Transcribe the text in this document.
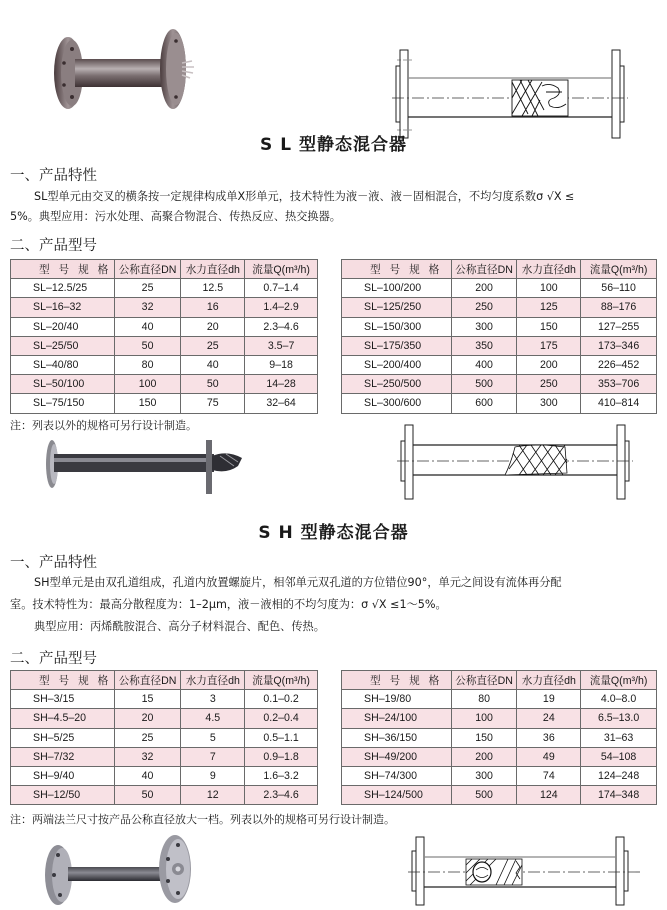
S L 型静态混合器
一、产品特性
SL型单元由交叉的横条按一定规律构成单X形单元，技术特性为液－液、液－固相混合，不均匀度系数σ √X ≤
5%。典型应用：污水处理、高聚合物混合、传热反应、热交换器。
二、产品型号
型 号 规 格	公称直径DN	水力直径dh	流量Q(m³/h)
SL–12.5/25	25	12.5	0.7–1.4
SL–16–32	32	16	1.4–2.9
SL–20/40	40	20	2.3–4.6
SL–25/50	50	25	3.5–7
SL–40/80	80	40	9–18
SL–50/100	100	50	14–28
SL–75/150	150	75	32–64
型 号 规 格	公称直径DN	水力直径dh	流量Q(m³/h)
SL–100/200	200	100	56–110
SL–125/250	250	125	88–176
SL–150/300	300	150	127–255
SL–175/350	350	175	173–346
SL–200/400	400	200	226–452
SL–250/500	500	250	353–706
SL–300/600	600	300	410–814
注：列表以外的规格可另行设计制造。
S H 型静态混合器
一、产品特性
SH型单元是由双孔道组成，孔道内放置螺旋片，相邻单元双孔道的方位错位90°，单元之间设有流体再分配
室。技术特性为：最高分散程度为：1–2μm，液－液相的不均匀度为：σ √X ≤1～5%。
典型应用：丙烯酰胺混合、高分子材料混合、配色、传热。
二、产品型号
型 号 规 格	公称直径DN	水力直径dh	流量Q(m³/h)
SH–3/15	15	3	0.1–0.2
SH–4.5–20	20	4.5	0.2–0.4
SH–5/25	25	5	0.5–1.1
SH–7/32	32	7	0.9–1.8
SH–9/40	40	9	1.6–3.2
SH–12/50	50	12	2.3–4.6
型 号 规 格	公称直径DN	水力直径dh	流量Q(m³/h)
SH–19/80	80	19	4.0–8.0
SH–24/100	100	24	6.5–13.0
SH–36/150	150	36	31–63
SH–49/200	200	49	54–108
SH–74/300	300	74	124–248
SH–124/500	500	124	174–348
注：两端法兰尺寸按产品公称直径放大一档。列表以外的规格可另行设计制造。
